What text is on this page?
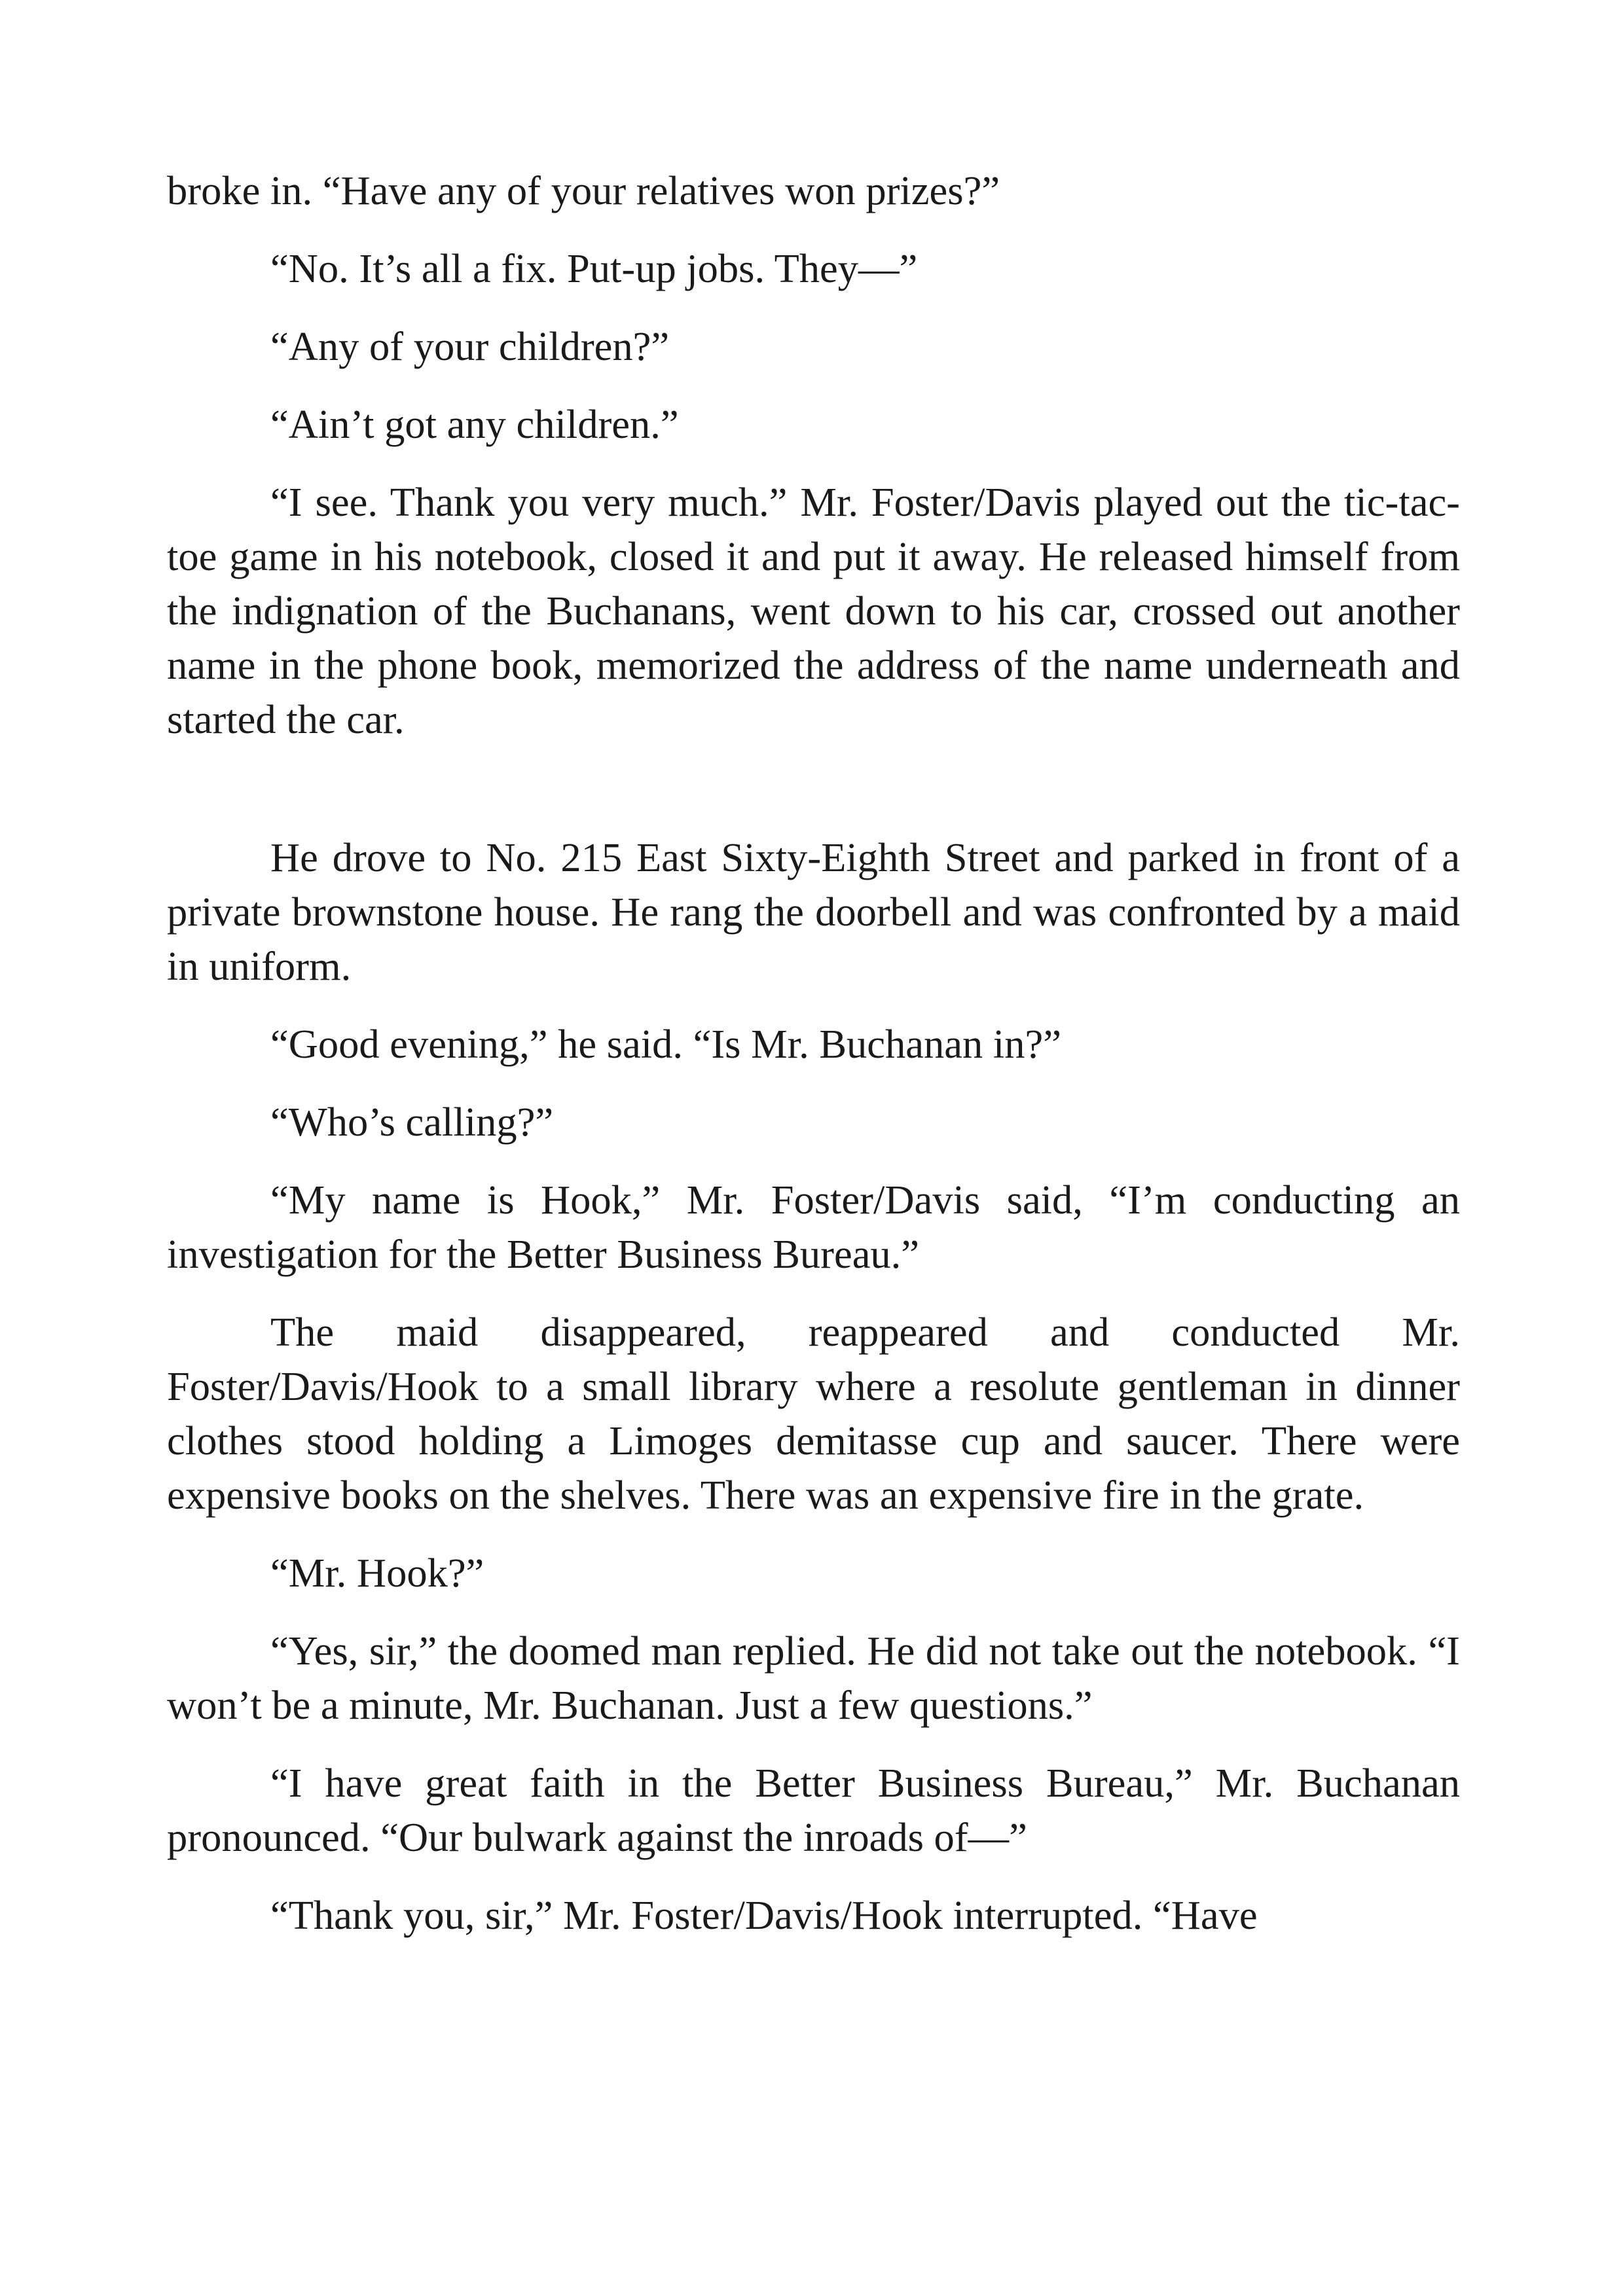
broke in. “Have any of your relatives won prizes?”

“No. It’s all a fix. Put-up jobs. They—”

“Any of your children?”

“Ain’t got any children.”

“I see. Thank you very much.” Mr. Foster/Davis played out the tic-tac-toe game in his notebook, closed it and put it away. He released himself from the indignation of the Buchanans, went down to his car, crossed out another name in the phone book, memorized the address of the name underneath and started the car.

He drove to No. 215 East Sixty-Eighth Street and parked in front of a private brownstone house. He rang the doorbell and was confronted by a maid in uniform.

“Good evening,” he said. “Is Mr. Buchanan in?”

“Who’s calling?”

“My name is Hook,” Mr. Foster/Davis said, “I’m conducting an investigation for the Better Business Bureau.”

The maid disappeared, reappeared and conducted Mr. Foster/Davis/Hook to a small library where a resolute gentleman in dinner clothes stood holding a Limoges demitasse cup and saucer. There were expensive books on the shelves. There was an expensive fire in the grate.

“Mr. Hook?”

“Yes, sir,” the doomed man replied. He did not take out the notebook. “I won’t be a minute, Mr. Buchanan. Just a few questions.”

“I have great faith in the Better Business Bureau,” Mr. Buchanan pronounced. “Our bulwark against the inroads of—”

“Thank you, sir,” Mr. Foster/Davis/Hook interrupted. “Have
